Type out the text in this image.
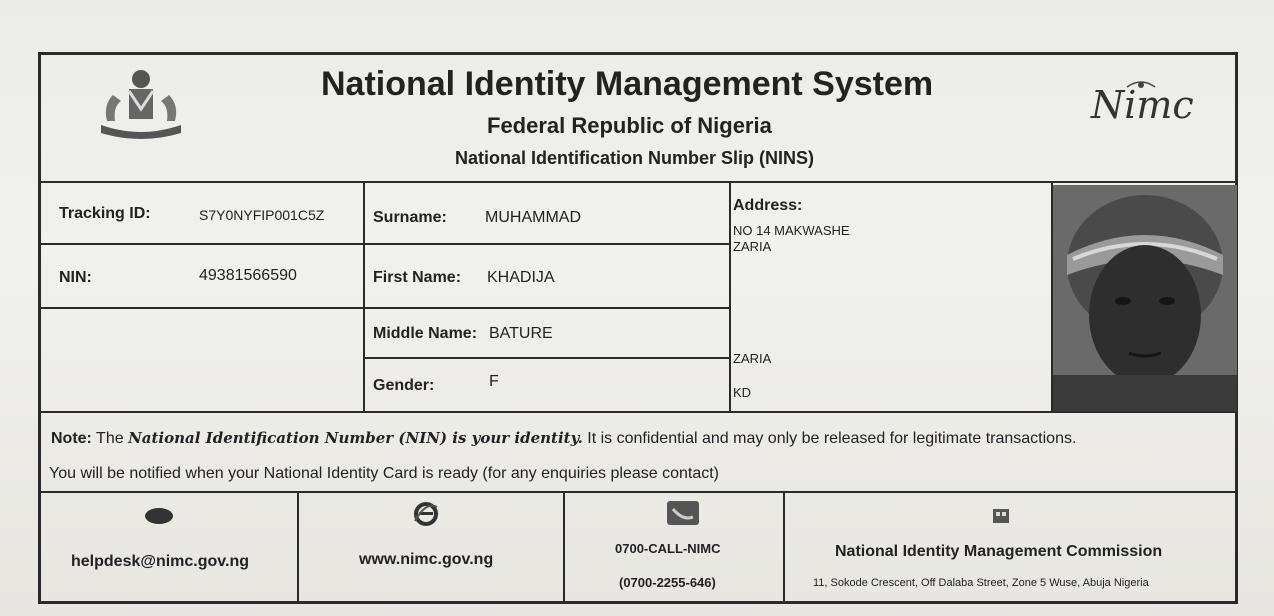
National Identity Management System
Federal Republic of Nigeria
National Identification Number Slip (NINS)
Nimc
Tracking ID:	S7Y0NYFIP001C5Z
NIN:	49381566590
Surname: MUHAMMAD
First Name: KHADIJA
Middle Name: BATURE
Gender:	F
Address:
NO 14 MAKWASHE
ZARIA
ZARIA
KD
Note: The National Identification Number (NIN) is your identity. It is confidential and may only be released for legitimate transactions.
You will be notified when your National Identity Card is ready (for any enquiries please contact)
helpdesk@nimc.gov.ng	www.nimc.gov.ng
0700-CALL-NIMC
(0700-2255-646)
National Identity Management Commission
11, Sokode Crescent, Off Dalaba Street, Zone 5 Wuse, Abuja Nigeria
